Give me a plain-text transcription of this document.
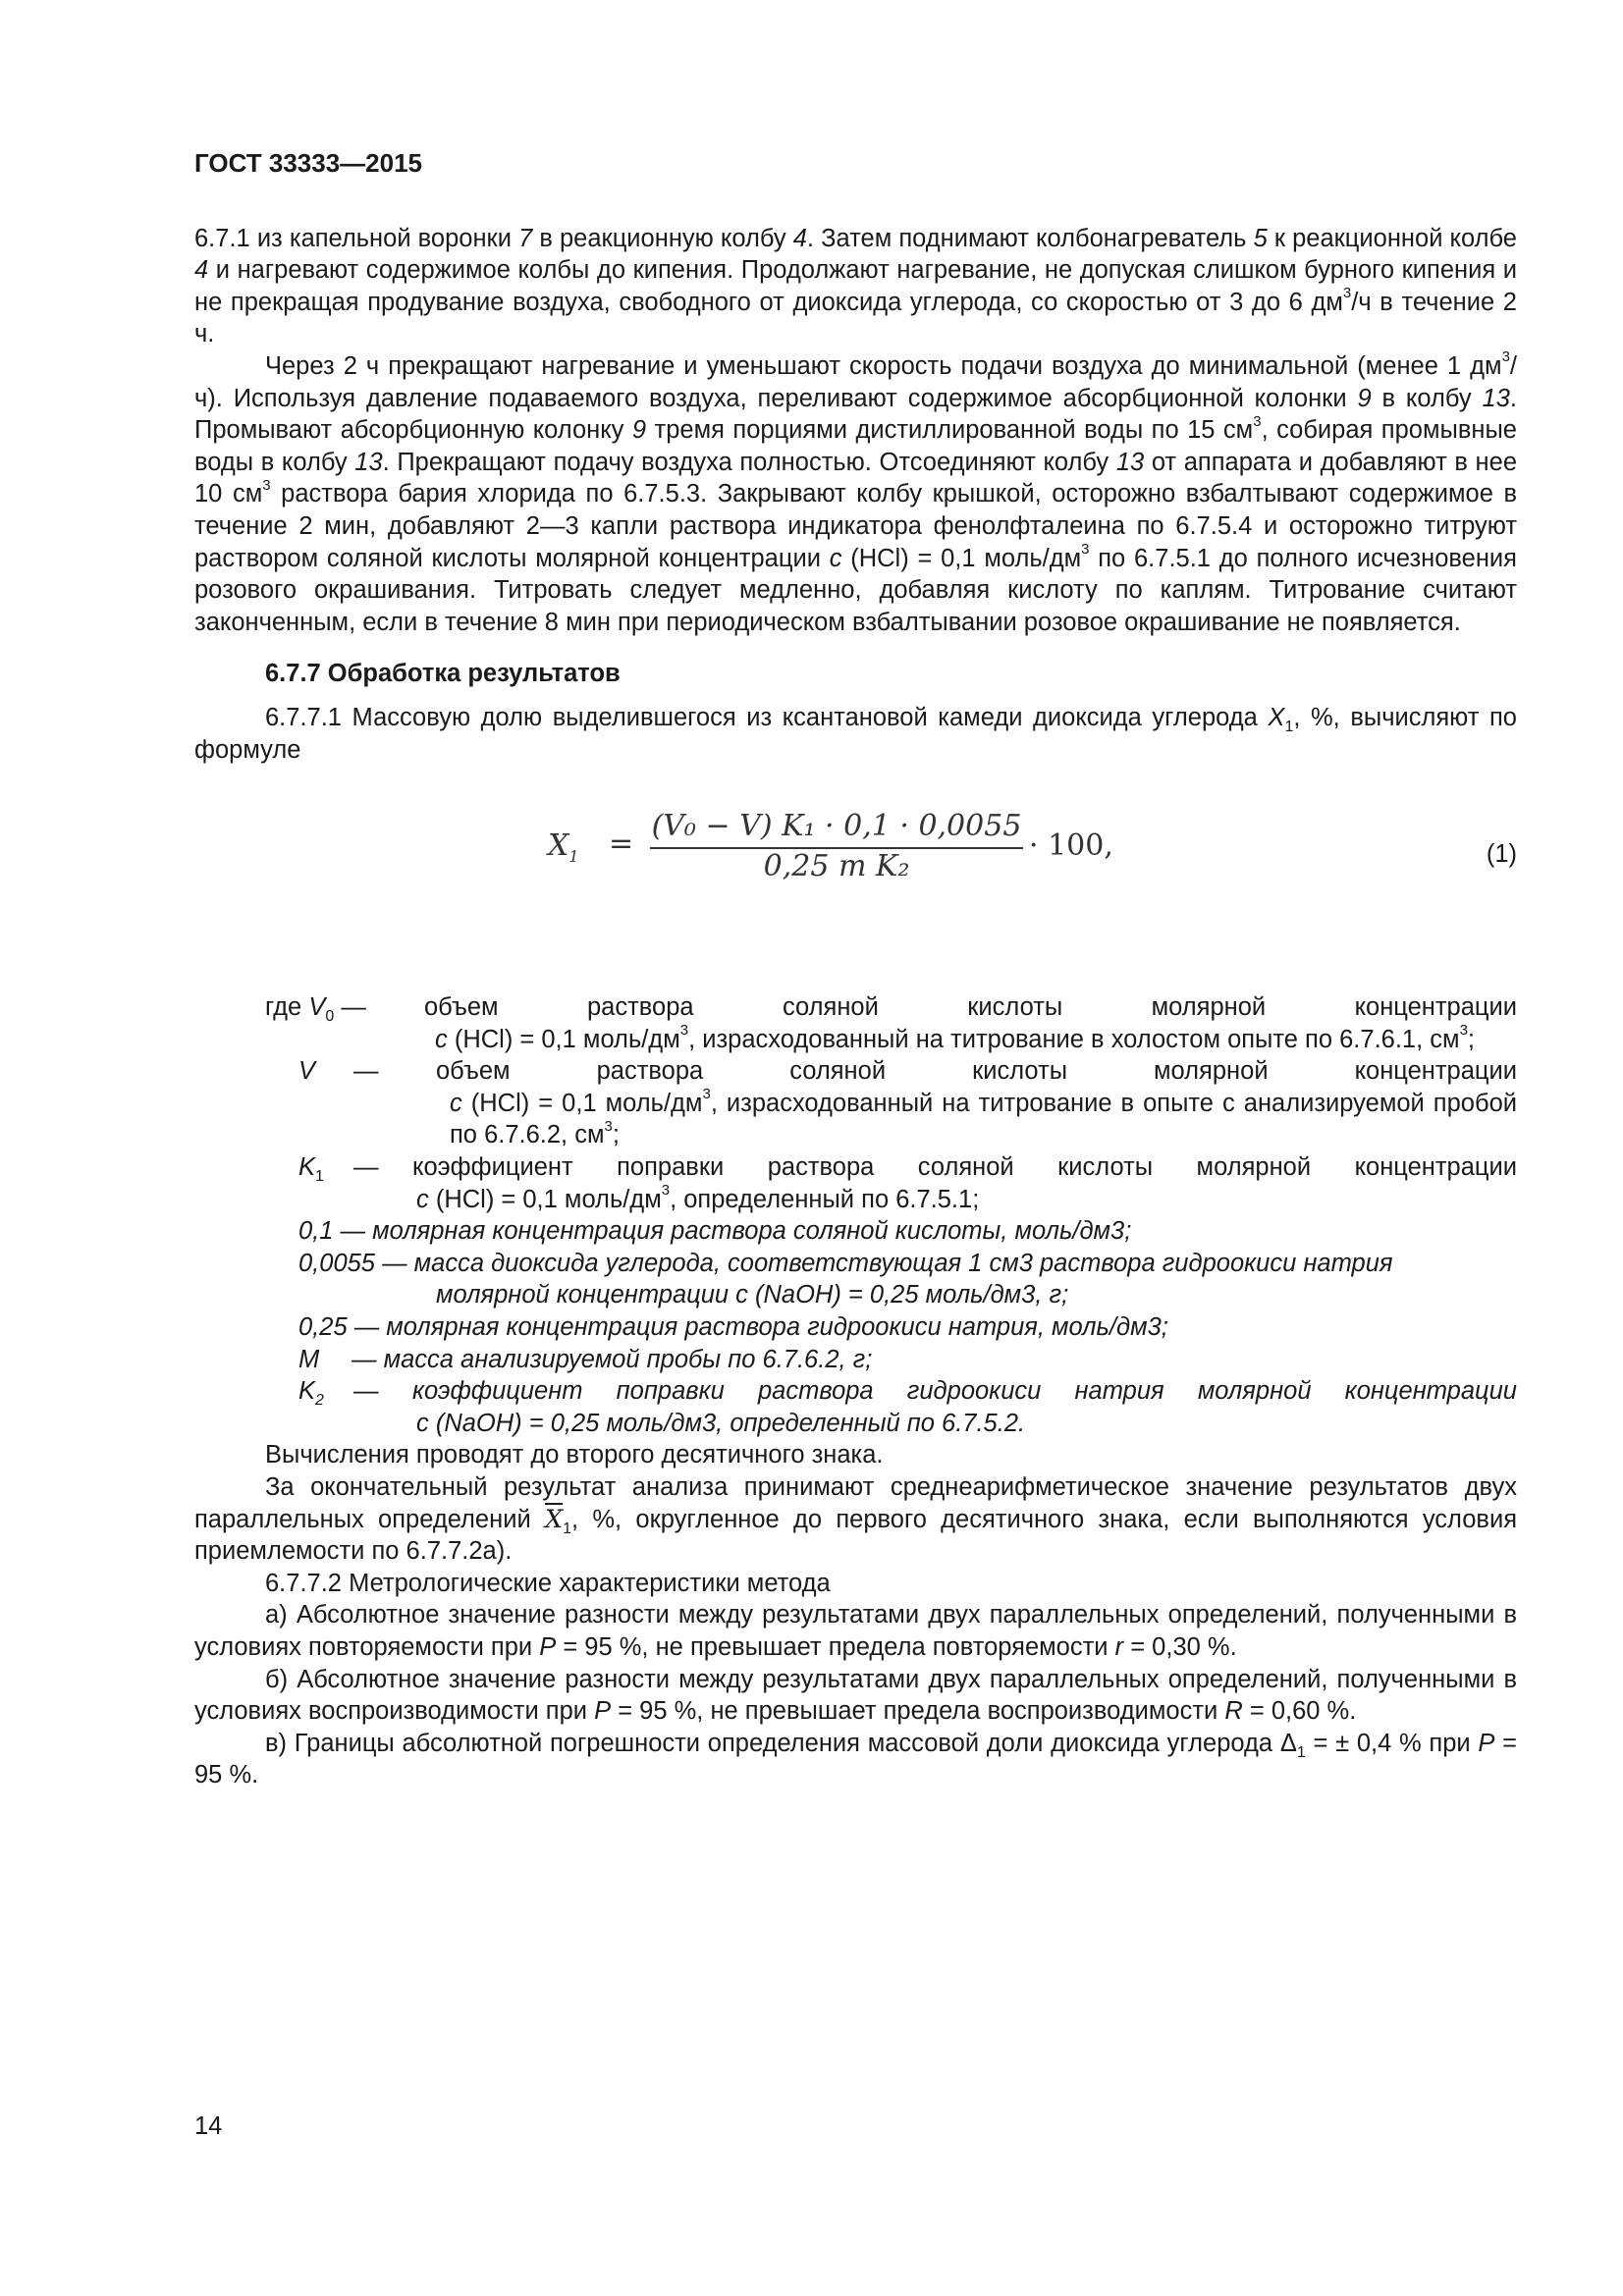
ГОСТ 33333—2015

6.7.1 из капельной воронки 7 в реакционную колбу 4. Затем поднимают колбонагреватель 5 к реакционной колбе 4 и нагревают содержимое колбы до кипения. Продолжают нагревание, не допуская слишком бурного кипения и не прекращая продувание воздуха, свободного от диоксида углерода, со скоростью от 3 до 6 $дм^3/ч$ в течение 2 ч.

Через 2 ч прекращают нагревание и уменьшают скорость подачи воздуха до минимальной (менее 1 $дм^3/ч$). Используя давление подаваемого воздуха, переливают содержимое абсорбционной колонки 9 в колбу 13. Промывают абсорбционную колонку 9 тремя порциями дистиллированной воды по 15 $см^3$, собирая промывные воды в колбу 13. Прекращают подачу воздуха полностью. Отсоединяют колбу 13 от аппарата и добавляют в нее 10 $см^3$ раствора бария хлорида по 6.7.5.3. Закрывают колбу крышкой, осторожно взбалтывают содержимое в течение 2 мин, добавляют 2—3 капли раствора индикатора фенолфталеина по 6.7.5.4 и осторожно титруют раствором соляной кислоты молярной концентрации c (HCl) = 0,1 моль/$дм^3$ по 6.7.5.1 до полного исчезновения розового окрашивания. Титровать следует медленно, добавляя кислоту по каплям. Титрование считают законченным, если в течение 8 мин при периодическом взбалтывании розовое окрашивание не появляется.

6.7.7 Обработка результатов

6.7.7.1 Массовую долю выделившегося из ксантановой камеди диоксида углерода $X_1$, %, вычисляют по формуле

$X_1 = \frac{\text{(V₀ − V) K₁ · 0,1 · 0,0055}}{\text{0,25 m K₂}} \cdot 100$,	(1)
где $V_0$ —	объем раствора соляной кислоты молярной концентрации

c (HCl) = 0,1 моль/$дм^3$, израсходованный на титрование в холостом опыте по 6.7.6.1, $см^3$;

V	—	объем раствора соляной кислоты молярной концентрации

c (HCl) = 0,1 моль/$дм^3$, израсходованный на титрование в опыте с анализируемой пробой по 6.7.6.2, $см^3$;

$K_1$	—	коэффициент поправки раствора соляной кислоты молярной концентрации

c (HCl) = 0,1 моль/$дм^3$, определенный по 6.7.5.1;

0,1 — молярная концентрация раствора соляной кислоты, моль/дм3;

0,0055 — масса диоксида углерода, соответствующая 1 см3 раствора гидроокиси натрия

молярной концентрации с (NaOH) = 0,25 моль/дм3, г;

0,25 — молярная концентрация раствора гидроокиси натрия, моль/дм3;

M	— масса анализируемой пробы по 6.7.6.2, г;
$K_2$	—	коэффициент поправки раствора гидроокиси натрия молярной концентрации

с (NaOH) = 0,25 моль/дм3, определенный по 6.7.5.2.

Вычисления проводят до второго десятичного знака.

За окончательный результат анализа принимают среднеарифметическое значение результатов двух параллельных определений $\overline{X}_1$, %, округленное до первого десятичного знака, если выполняются условия приемлемости по 6.7.7.2а).

6.7.7.2 Метрологические характеристики метода

а) Абсолютное значение разности между результатами двух параллельных определений, полученными в условиях повторяемости при P = 95 %, не превышает предела повторяемости r = 0,30 %.

б) Абсолютное значение разности между результатами двух параллельных определений, полученными в условиях воспроизводимости при P = 95 %, не превышает предела воспроизводимости R = 0,60 %.

в) Границы абсолютной погрешности определения массовой доли диоксида углерода $\Delta_1$ = ± 0,4 % при P = 95 %.

14
